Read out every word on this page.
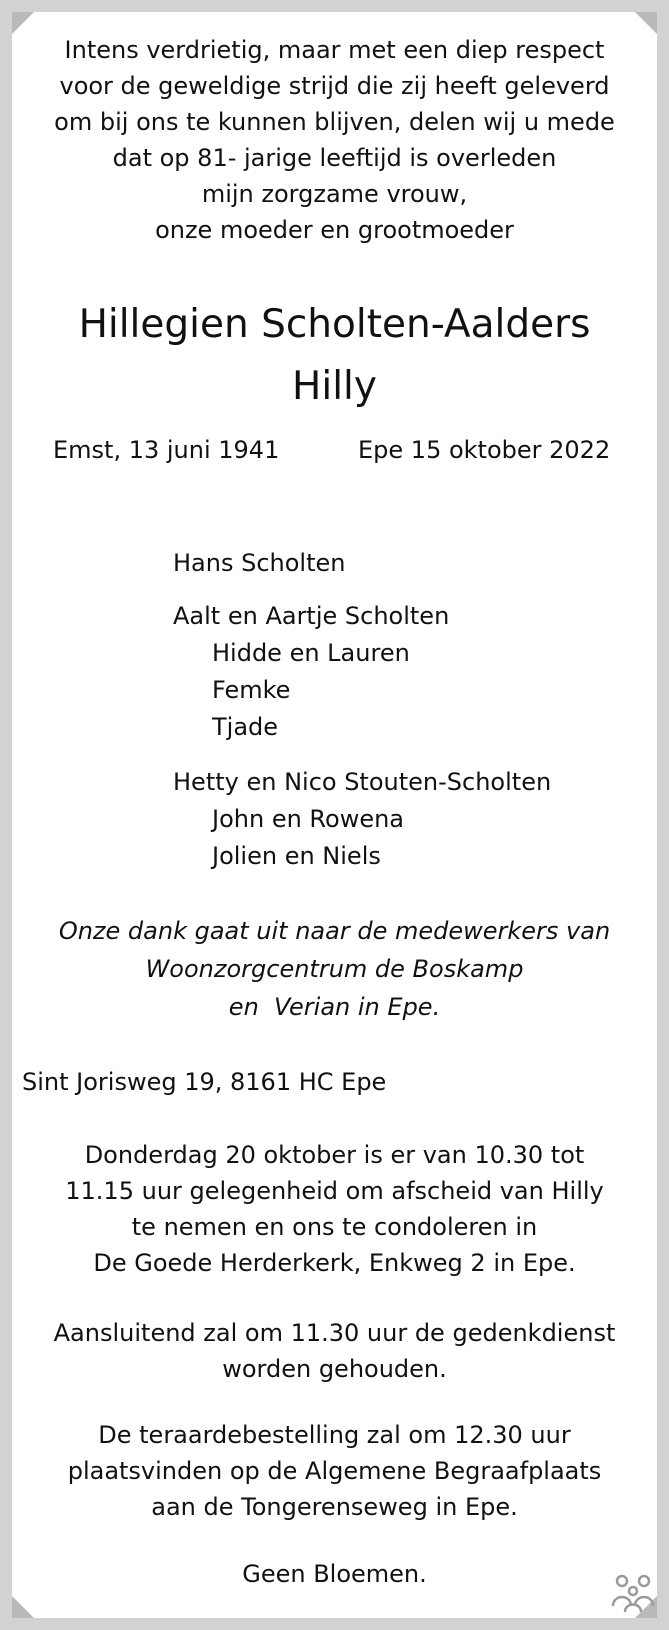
Intens verdrietig, maar met een diep respect
voor de geweldige strijd die zij heeft geleverd
om bij ons te kunnen blijven, delen wij u mede
dat op 81- jarige leeftijd is overleden
mijn zorgzame vrouw,
onze moeder en grootmoeder
Hillegien Scholten-Aalders
Hilly
Emst, 13 juni 1941	Epe 15 oktober 2022
Hans Scholten
Aalt en Aartje Scholten
Hidde en Lauren
Femke
Tjade
Hetty en Nico Stouten-Scholten
John en Rowena
Jolien en Niels
Onze dank gaat uit naar de medewerkers van
Woonzorgcentrum de Boskamp
en  Verian in Epe.
Sint Jorisweg 19, 8161 HC Epe
Donderdag 20 oktober is er van 10.30 tot
11.15 uur gelegenheid om afscheid van Hilly
te nemen en ons te condoleren in
De Goede Herderkerk, Enkweg 2 in Epe.
Aansluitend zal om 11.30 uur de gedenkdienst
worden gehouden.
De teraardebestelling zal om 12.30 uur
plaatsvinden op de Algemene Begraafplaats
aan de Tongerenseweg in Epe.
Geen Bloemen.
